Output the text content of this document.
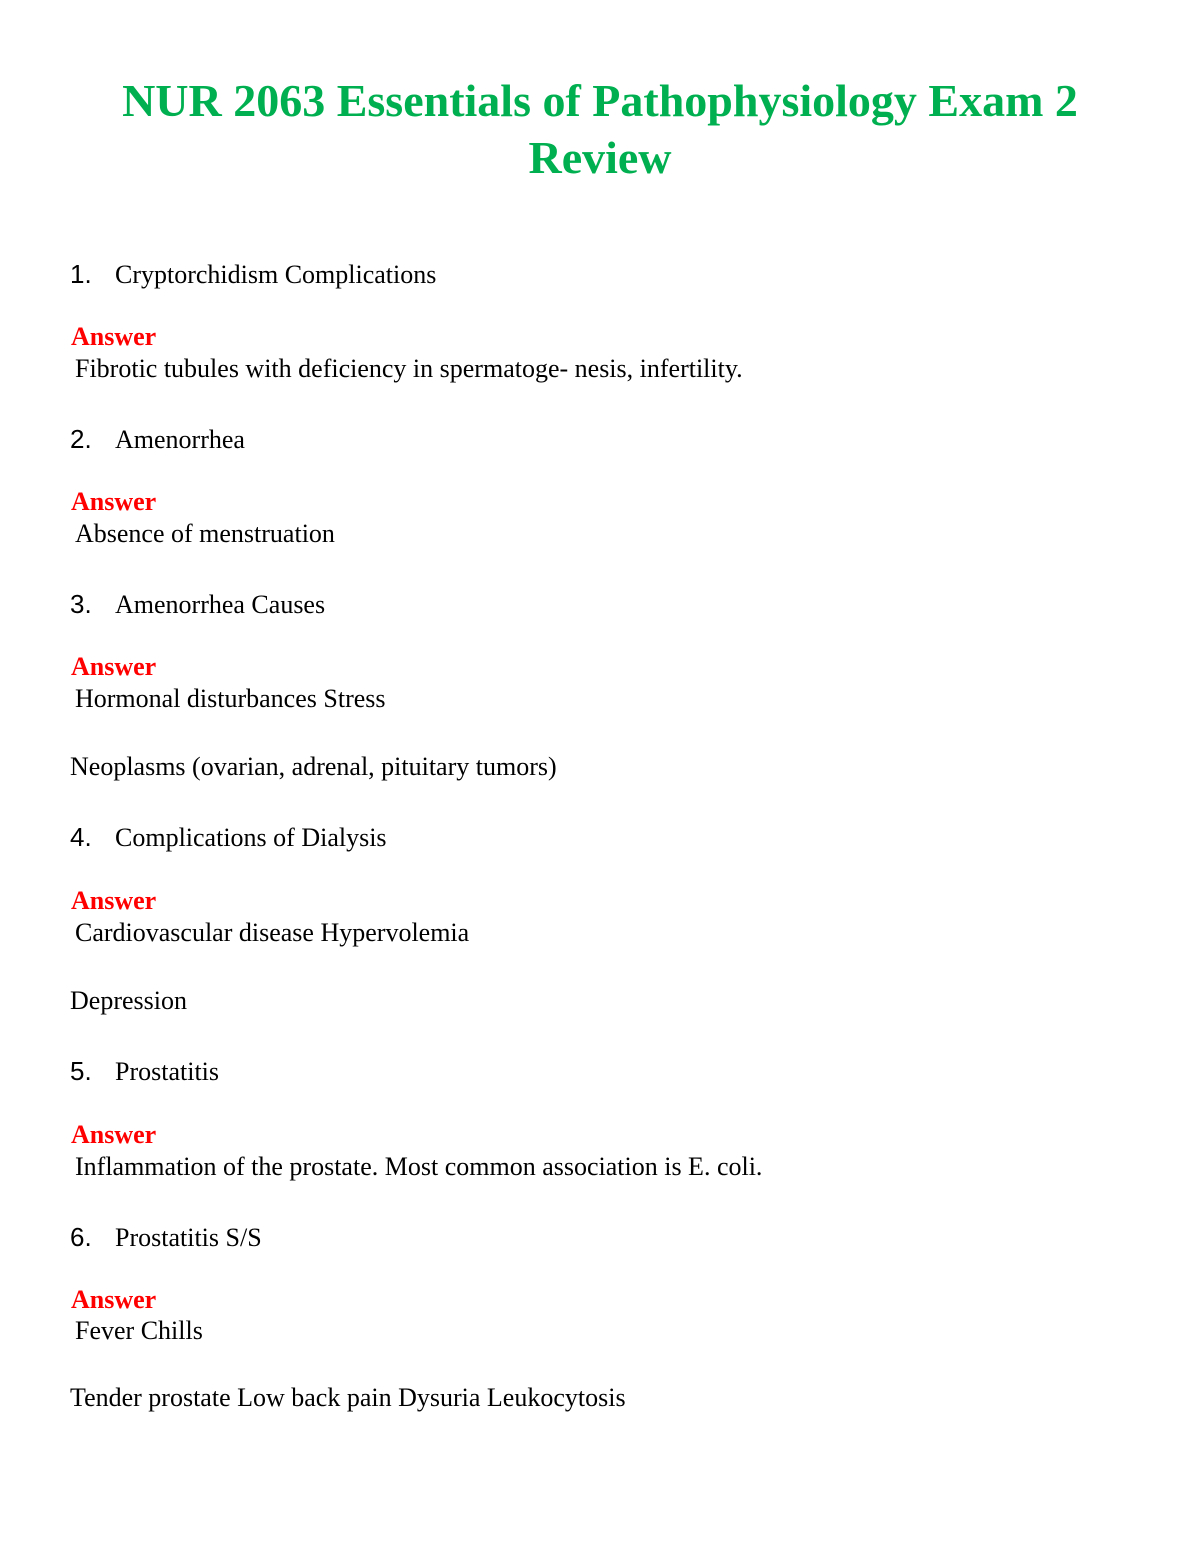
NUR 2063 Essentials of Pathophysiology Exam 2 Review

1. Cryptorchidism Complications

Answer

Fibrotic tubules with deficiency in spermatoge- nesis, infertility.

2. Amenorrhea

Answer

Absence of menstruation

3. Amenorrhea Causes

Answer

Hormonal disturbances Stress

Neoplasms (ovarian, adrenal, pituitary tumors)

4. Complications of Dialysis

Answer

Cardiovascular disease Hypervolemia

Depression

5. Prostatitis

Answer

Inflammation of the prostate. Most common association is E. coli.

6. Prostatitis S/S

Answer

Fever Chills

Tender prostate Low back pain Dysuria Leukocytosis
